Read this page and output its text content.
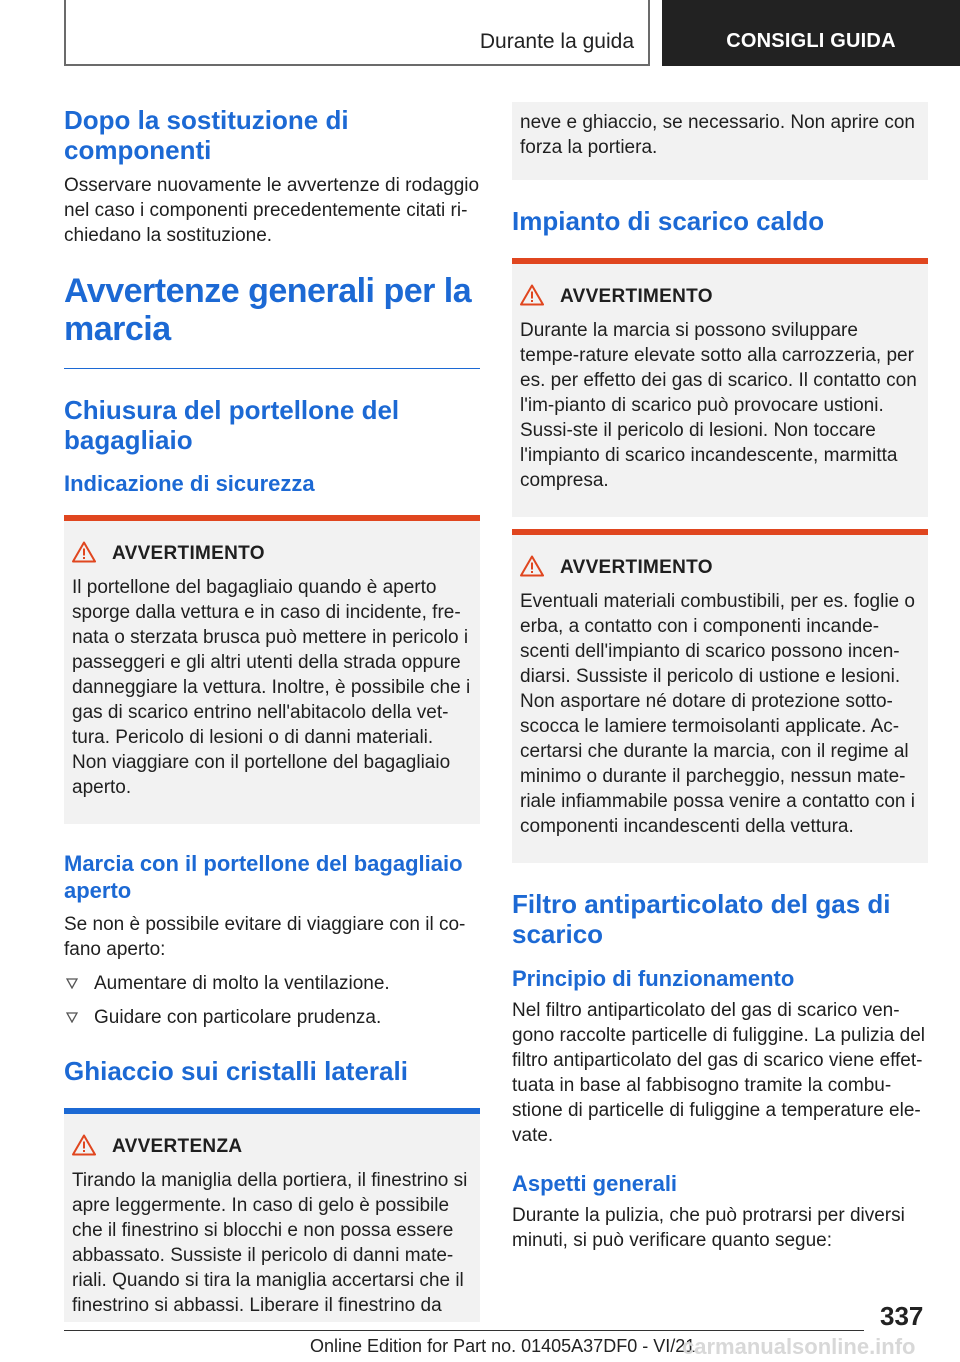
Durante la guida	CONSIGLI GUIDA
Dopo la sostituzione di componenti

Osservare nuovamente le avvertenze di rodaggio nel caso i componenti precedentemente citati ri-chiedano la sostituzione.

Avvertenze generali per la marcia
Chiusura del portellone del bagagliaio
Indicazione di sicurezza
AVVERTIMENTO

Il portellone del bagagliaio quando è aperto sporge dalla vettura e in caso di incidente, fre-nata o sterzata brusca può mettere in pericolo i passeggeri e gli altri utenti della strada oppure danneggiare la vettura. Inoltre, è possibile che i gas di scarico entrino nell'abitacolo della vet-tura. Pericolo di lesioni o di danni materiali. Non viaggiare con il portellone del bagagliaio aperto.

Marcia con il portellone del bagagliaio aperto

Se non è possibile evitare di viaggiare con il co-fano aperto:

Aumentare di molto la ventilazione.
Guidare con particolare prudenza.
Ghiaccio sui cristalli laterali
AVVERTENZA

Tirando la maniglia della portiera, il finestrino si apre leggermente. In caso di gelo è possibile che il finestrino si blocchi e non possa essere abbassato. Sussiste il pericolo di danni mate-riali. Quando si tira la maniglia accertarsi che il finestrino si abbassi. Liberare il finestrino da

neve e ghiaccio, se necessario. Non aprire con forza la portiera.

Impianto di scarico caldo
AVVERTIMENTO

Durante la marcia si possono sviluppare tempe-rature elevate sotto alla carrozzeria, per es. per effetto dei gas di scarico. Il contatto con l'im-pianto di scarico può provocare ustioni. Sussi-ste il pericolo di lesioni. Non toccare l'impianto di scarico incandescente, marmitta compresa.

AVVERTIMENTO

Eventuali materiali combustibili, per es. foglie o erba, a contatto con i componenti incande-scenti dell'impianto di scarico possono incen-diarsi. Sussiste il pericolo di ustione e lesioni. Non asportare né dotare di protezione sotto-scocca le lamiere termoisolanti applicate. Ac-certarsi che durante la marcia, con il regime al minimo o durante il parcheggio, nessun mate-riale infiammabile possa venire a contatto con i componenti incandescenti della vettura.

Filtro antiparticolato del gas di scarico
Principio di funzionamento

Nel filtro antiparticolato del gas di scarico ven-gono raccolte particelle di fuliggine. La pulizia del filtro antiparticolato del gas di scarico viene effet-tuata in base al fabbisogno tramite la combu-stione di particelle di fuliggine a temperature ele-vate.

Aspetti generali

Durante la pulizia, che può protrarsi per diversi minuti, si può verificare quanto segue:

337
Online Edition for Part no. 01405A37DF0 - VI/21
carmanualsonline.info
